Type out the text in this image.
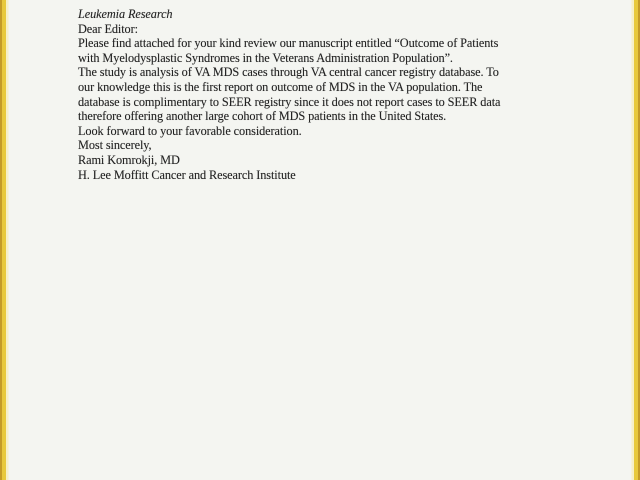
Leukemia Research

Dear Editor:

Please find attached for your kind review our manuscript entitled “Outcome of Patients
with Myelodysplastic Syndromes in the Veterans Administration Population”.

The study is analysis of VA MDS cases through VA central cancer registry database. To
our knowledge this is the first report on outcome of MDS in the VA population. The
database is complimentary to SEER registry since it does not report cases to SEER data
therefore offering another large cohort of MDS patients in the United States.

Look forward to your favorable consideration.

Most sincerely,

Rami Komrokji, MD
H. Lee Moffitt Cancer and Research Institute
